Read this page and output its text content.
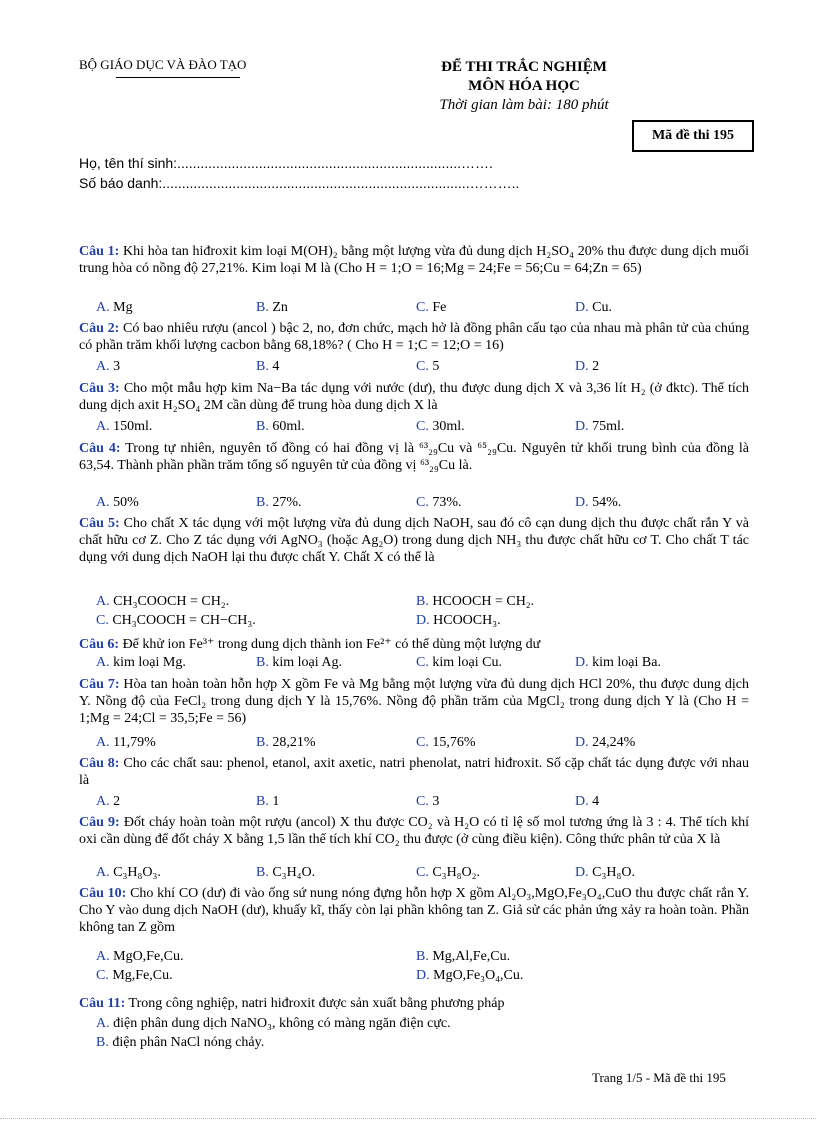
BỘ GIÁO DỤC VÀ ĐÀO TẠO	ĐỂ THI TRẮC NGHIỆM
MÔN HÓA HỌC
Thời gian làm bài: 180 phút
Mã đề thi 195
Họ, tên thí sinh:.........................................................................…….
Số báo danh:...............................................................................………..
Câu 1: Khi hòa tan hiđroxit kim loại M(OH)₂ bằng một lượng vừa đủ dung dịch H₂SO₄ 20% thu được dung dịch muối trung hòa có nồng độ 27,21%. Kim loại M là (Cho H = 1;O = 16;Mg = 24;Fe = 56;Cu = 64;Zn = 65)
A. Mg	B. Zn	C. Fe	D. Cu.
Câu 2: Có bao nhiêu rượu (ancol ) bậc 2, no, đơn chức, mạch hở là đồng phân cấu tạo của nhau mà phân tử của chúng có phần trăm khối lượng cacbon bằng 68,18%? ( Cho H = 1;C = 12;O = 16)
A. 3	B. 4	C. 5	D. 2
Câu 3: Cho một mẫu hợp kim Na−Ba tác dụng với nước (dư), thu được dung dịch X và 3,36 lít H₂ (ở đktc). Thể tích dung dịch axit H₂SO₄ 2M cần dùng để trung hòa dung dịch X là
A. 150ml.	B. 60ml.	C. 30ml.	D. 75ml.
Câu 4: Trong tự nhiên, nguyên tố đồng có hai đồng vị là ⁶³₂₉Cu và ⁶⁵₂₉Cu. Nguyên tử khối trung bình của đồng là 63,54. Thành phần phần trăm tổng số nguyên tử của đồng vị ⁶³₂₉Cu là.
A. 50%	B. 27%.	C. 73%.	D. 54%.
Câu 5: Cho chất X tác dụng với một lượng vừa đủ dung dịch NaOH, sau đó cô cạn dung dịch thu được chất rắn Y và chất hữu cơ Z. Cho Z tác dụng với AgNO₃ (hoặc Ag₂O) trong dung dịch NH₃ thu được chất hữu cơ T. Cho chất T tác dụng với dung dịch NaOH lại thu được chất Y. Chất X có thể là
A. CH₃COOCH = CH₂.	B. HCOOCH = CH₂.
C. CH₃COOCH = CH−CH₃.	D. HCOOCH₃.
Câu 6: Để khử ion Fe³⁺ trong dung dịch thành ion Fe²⁺ có thể dùng một lượng dư
A. kim loại Mg.	B. kim loại Ag.	C. kim loại Cu.	D. kim loại Ba.
Câu 7: Hòa tan hoàn toàn hỗn hợp X gồm Fe và Mg bằng một lượng vừa đủ dung dịch HCl 20%, thu được dung dịch Y. Nồng độ của FeCl₂ trong dung dịch Y là 15,76%. Nồng độ phần trăm của MgCl₂ trong dung dịch Y là (Cho H = 1;Mg = 24;Cl = 35,5;Fe = 56)
A. 11,79%	B. 28,21%	C. 15,76%	D. 24,24%
Câu 8: Cho các chất sau: phenol, etanol, axit axetic, natri phenolat, natri hiđroxit. Số cặp chất tác dụng được với nhau là
A. 2	B. 1	C. 3	D. 4
Câu 9: Đốt cháy hoàn toàn một rượu (ancol) X thu được CO₂ và H₂O có tỉ lệ số mol tương ứng là 3 : 4. Thể tích khí oxi cần dùng để đốt cháy X bằng 1,5 lần thể tích khí CO₂ thu được (ở cùng điều kiện). Công thức phân tử của X là
A. C₃H₈O₃.	B. C₃H₄O.	C. C₃H₈O₂.	D. C₃H₈O.
Câu 10: Cho khí CO (dư) đi vào ống sứ nung nóng đựng hỗn hợp X gồm Al₂O₃,MgO,Fe₃O₄,CuO thu được chất rắn Y. Cho Y vào dung dịch NaOH (dư), khuấy kĩ, thấy còn lại phần không tan Z. Giả sử các phản ứng xảy ra hoàn toàn. Phần không tan Z gồm
A. MgO,Fe,Cu.	B. Mg,Al,Fe,Cu.
C. Mg,Fe,Cu.	D. MgO,Fe₃O₄,Cu.
Câu 11: Trong công nghiệp, natri hiđroxit được sản xuất bằng phương pháp
A. điện phân dung dịch NaNO₃, không có màng ngăn điện cực.
B. điện phân NaCl nóng chảy.
Trang 1/5 - Mã đề thi 195
